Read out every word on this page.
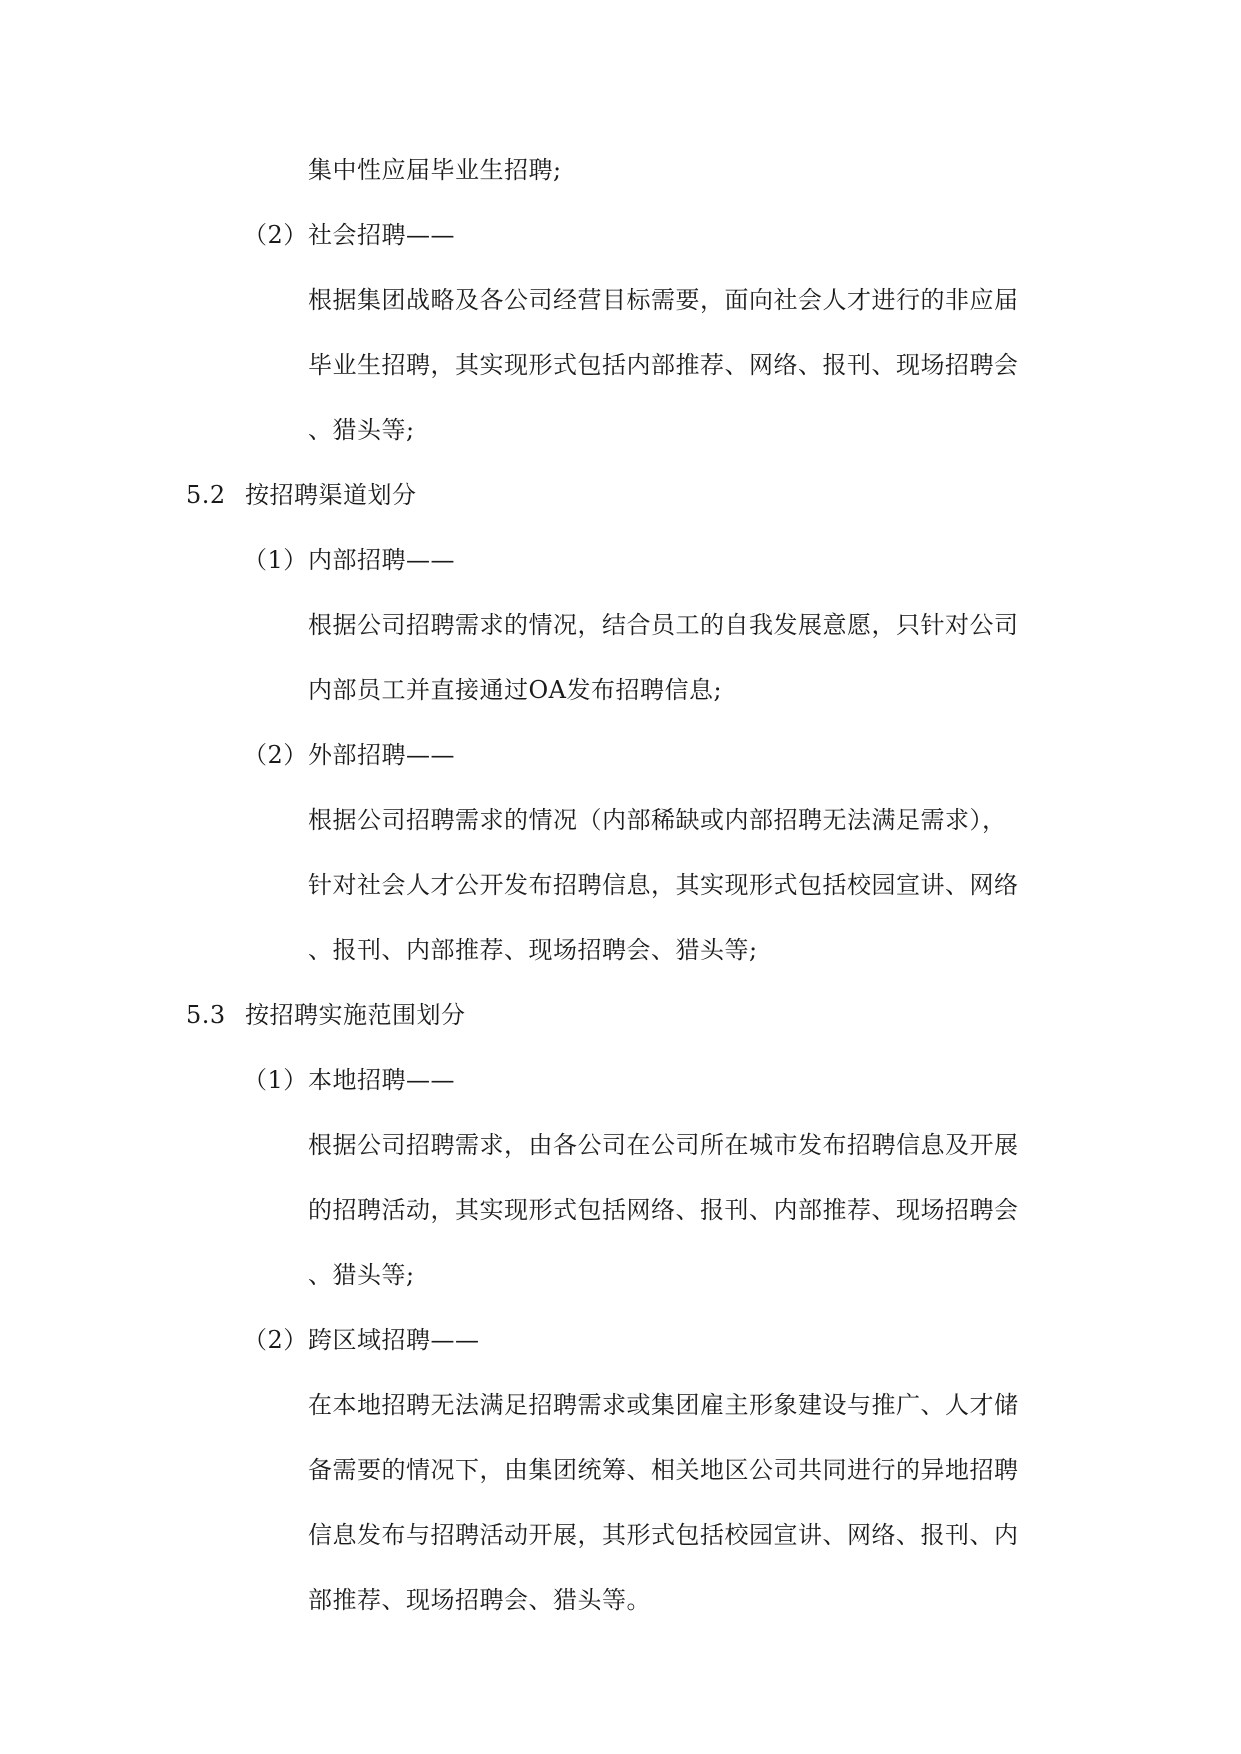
集中性应届毕业生招聘;
（2） 社会招聘——
根据集团战略及各公司经营目标需要，面向社会人才进行的非应届
毕业生招聘，其实现形式包括内部推荐、网络、报刊、现场招聘会
、猎头等;
5.2 按招聘渠道划分
（1） 内部招聘——
根据公司招聘需求的情况，结合员工的自我发展意愿，只针对公司
内部员工并直接通过OA发布招聘信息;
（2） 外部招聘——
根据公司招聘需求的情况（内部稀缺或内部招聘无法满足需求），
针对社会人才公开发布招聘信息，其实现形式包括校园宣讲、网络
、报刊、内部推荐、现场招聘会、猎头等;
5.3 按招聘实施范围划分
（1） 本地招聘——
根据公司招聘需求，由各公司在公司所在城市发布招聘信息及开展
的招聘活动，其实现形式包括网络、报刊、内部推荐、现场招聘会
、猎头等;
（2） 跨区域招聘——
在本地招聘无法满足招聘需求或集团雇主形象建设与推广、人才储
备需要的情况下，由集团统筹、相关地区公司共同进行的异地招聘
信息发布与招聘活动开展，其形式包括校园宣讲、网络、报刊、内
部推荐、现场招聘会、猎头等。
